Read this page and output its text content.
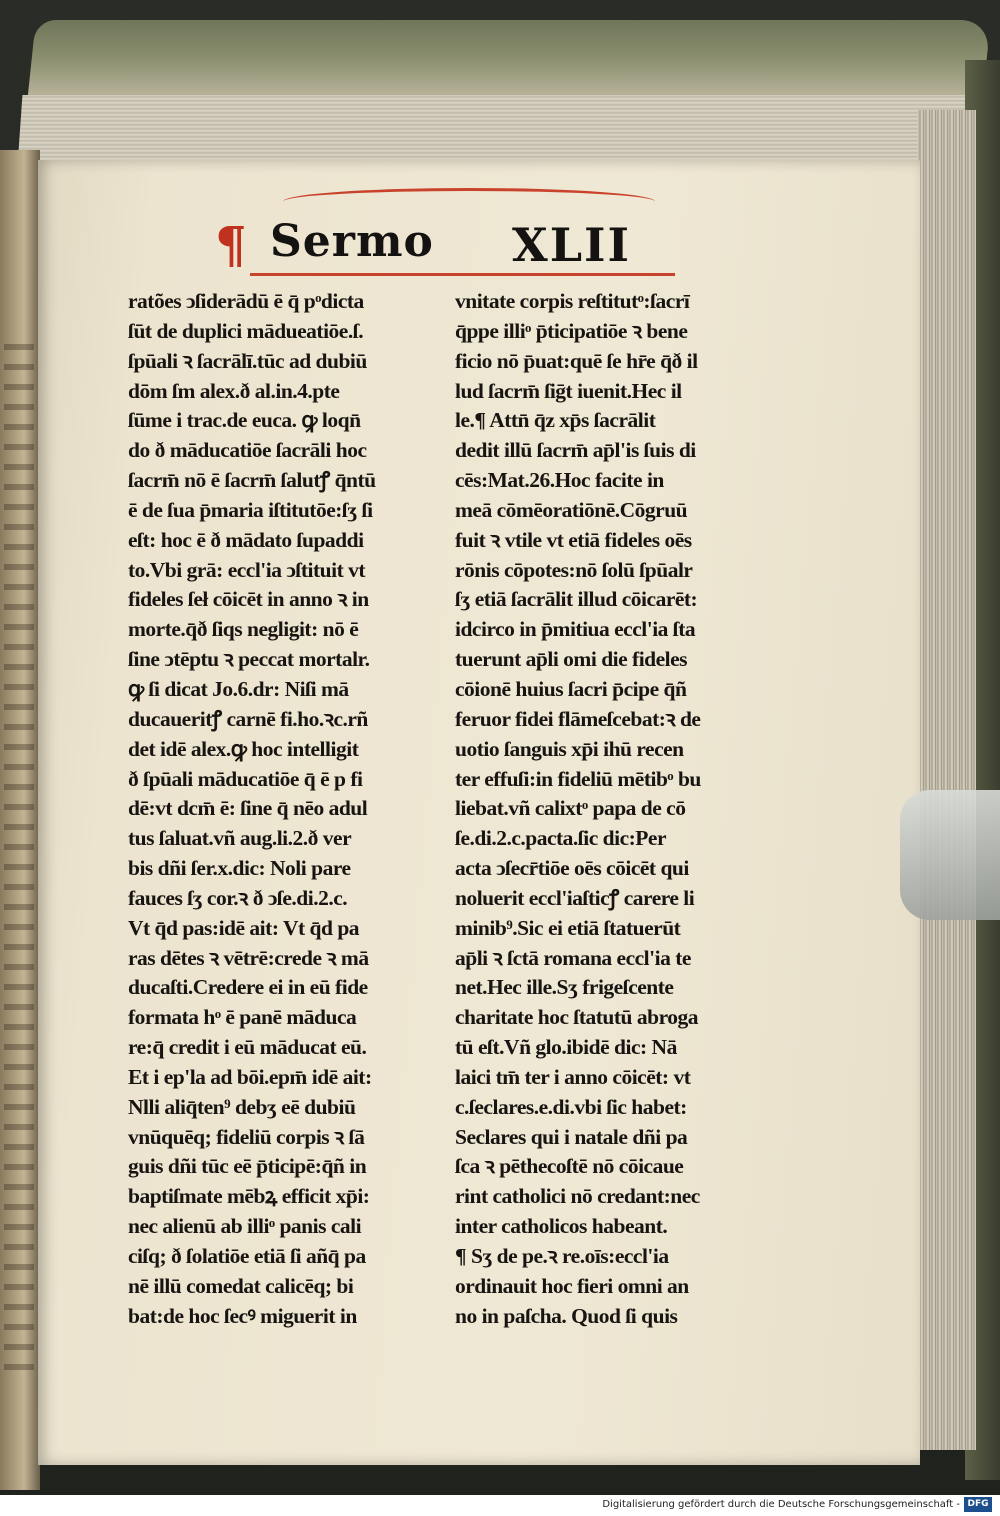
¶ Sermo XLII
ratões ↄſiderādū ē q̄ pᵒdicta
ſūt de duplici mādueatiōe.ſ.
ſpūali ꝛ ſacrālī.tūc ad dubiū
dōm ſm alex.ð al.in.4.pte
ſūme i trac.de euca. ꝙ loqn̄
do ð māducatiōe ſacrāli hoc
ſacrm̄ nō ē ſacrm̄ ſalutꝭ q̄ntū
ē de ſua p̄maria iſtitutōe:ſʒ ſi
eſt: hoc ē ð mādato ſupaddi
to.Vbi grā: eccl'ia ↄſtituit vt
fideles ſeł cōicēt in anno ꝛ in
morte.q̄ð ſiqs negligit: nō ē
ſine ↄtēptu ꝛ peccat mortalr.
ꝙ ſi dicat Jo.6.dr: Niſi mā
ducaueritꝭ carnē fi.ho.ꝛc.rñ
det idē alex.ꝙ hoc intelligit
ð ſpūali māducatiōe q̄ ē p fi
dē:vt dcm̄ ē: ſine q̄ nēo adul
tus ſaluat.vñ aug.li.2.ð ver
bis dñi ſer.x.dic: Noli pare
fauces ſʒ cor.ꝛ ð ↄſe.di.2.c.
Vt q̄d pas:idē ait: Vt q̄d pa
ras dētes ꝛ vētrē:crede ꝛ mā
ducaſti.Credere ei in eū fide
formata hᵒ ē panē māduca
re:q̄ credit i eū māducat eū.
Et i ep'la ad bōi.epm̄ idē ait:
Nlli aliq̄ten⁹ debʒ eē dubiū
vnūquēq; fideliū corpis ꝛ ſā
guis dñi tūc eē p̄ticipē:q̄ñ in
baptiſmate mēbꝝ efficit xp̄i:
nec alienū ab illiᵒ panis cali
ciſq; ð ſolatiōe etiā ſi añq̄ pa
nē illū comedat calicēq; bi
bat:de hoc ſecꝰ miguerit in
vnitate corpis reſtitutᵒ:ſacrī
q̄ppe illiᵒ p̄ticipatiōe ꝛ bene
ficio nō p̄uat:quē ſe hr̄e q̄ð il
lud ſacrm̄ ſiḡt iuenit.Hec il
le.¶ Attn̄ q̄z xp̄s ſacrālit
dedit illū ſacrm̄ ap̄l'is ſuis di
cēs:Mat.26.Hoc facite in
meā cōmēoratiōnē.Cōgruū
fuit ꝛ vtile vt etiā fideles oēs
rōnis cōpotes:nō ſolū ſpūalr
ſʒ etiā ſacrālit illud cōicarēt:
idcirco in p̄mitiua eccl'ia ſta
tuerunt ap̄li omi die fideles
cōionē huius ſacri p̄cipe q̄ñ
feruor fidei flāmeſcebat:ꝛ de
uotio ſanguis xp̄i ihū recen
ter effuſi:in fideliū mētibᵒ bu
liebat.vñ calixtᵒ papa de cō
ſe.di.2.c.pacta.ſic dic:Per
acta ↄſecr̄tiōe oēs cōicēt qui
noluerit eccl'iaſticꝭ carere li
minib⁹.Sic ei etiā ſtatuerūt
ap̄li ꝛ ſctā romana eccl'ia te
net.Hec ille.Sʒ frigeſcente
charitate hoc ſtatutū abroga
tū eſt.Vñ glo.ibidē dic: Nā
laici tm̄ ter i anno cōicēt: vt
c.ſeclares.e.di.vbi ſic habet:
Seclares qui i natale dñi pa
ſca ꝛ pēthecoſtē nō cōicaue
rint catholici nō credant:nec
inter catholicos habeant.
¶ Sʒ de pe.ꝛ re.oīs:eccl'ia
ordinauit hoc fieri omni an
no in paſcha. Quod ſi quis
Digitalisierung gefördert durch die Deutsche Forschungsgemeinschaft - DFG
